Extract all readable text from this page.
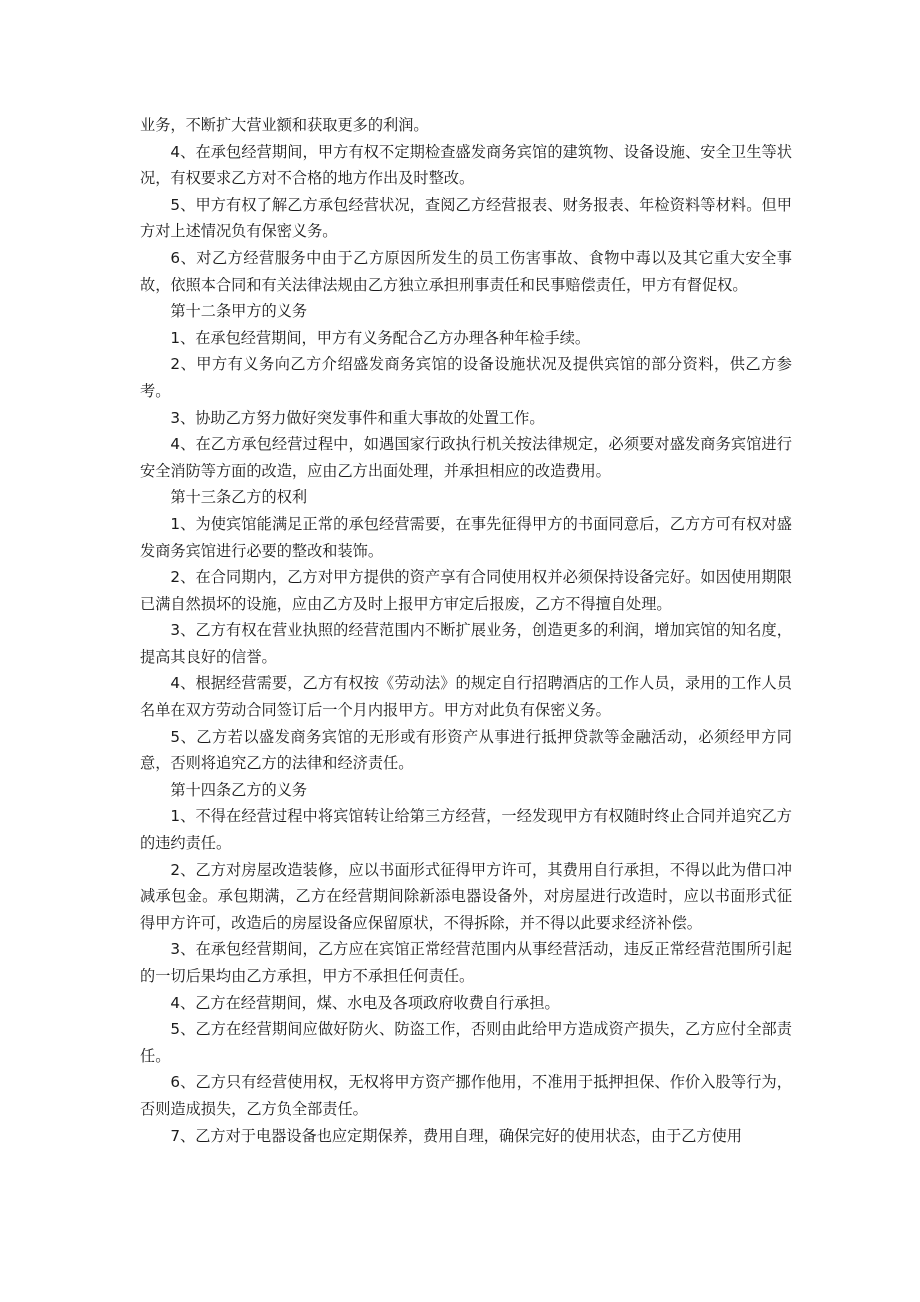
业务，不断扩大营业额和获取更多的利润。

4、在承包经营期间，甲方有权不定期检查盛发商务宾馆的建筑物、设备设施、安全卫生等状况，有权要求乙方对不合格的地方作出及时整改。

5、甲方有权了解乙方承包经营状况，查阅乙方经营报表、财务报表、年检资料等材料。但甲方对上述情况负有保密义务。

6、对乙方经营服务中由于乙方原因所发生的员工伤害事故、食物中毒以及其它重大安全事故，依照本合同和有关法律法规由乙方独立承担刑事责任和民事赔偿责任，甲方有督促权。

第十二条甲方的义务

1、在承包经营期间，甲方有义务配合乙方办理各种年检手续。

2、甲方有义务向乙方介绍盛发商务宾馆的设备设施状况及提供宾馆的部分资料，供乙方参考。

3、协助乙方努力做好突发事件和重大事故的处置工作。

4、在乙方承包经营过程中，如遇国家行政执行机关按法律规定，必须要对盛发商务宾馆进行安全消防等方面的改造，应由乙方出面处理，并承担相应的改造费用。

第十三条乙方的权利

1、为使宾馆能满足正常的承包经营需要，在事先征得甲方的书面同意后，乙方方可有权对盛发商务宾馆进行必要的整改和装饰。

2、在合同期内，乙方对甲方提供的资产享有合同使用权并必须保持设备完好。如因使用期限已满自然损坏的设施，应由乙方及时上报甲方审定后报废，乙方不得擅自处理。

3、乙方有权在营业执照的经营范围内不断扩展业务，创造更多的利润，增加宾馆的知名度，提高其良好的信誉。

4、根据经营需要，乙方有权按《劳动法》的规定自行招聘酒店的工作人员，录用的工作人员名单在双方劳动合同签订后一个月内报甲方。甲方对此负有保密义务。

5、乙方若以盛发商务宾馆的无形或有形资产从事进行抵押贷款等金融活动，必须经甲方同意，否则将追究乙方的法律和经济责任。

第十四条乙方的义务

1、不得在经营过程中将宾馆转让给第三方经营，一经发现甲方有权随时终止合同并追究乙方的违约责任。

2、乙方对房屋改造装修，应以书面形式征得甲方许可，其费用自行承担，不得以此为借口冲减承包金。承包期满，乙方在经营期间除新添电器设备外，对房屋进行改造时，应以书面形式征得甲方许可，改造后的房屋设备应保留原状，不得拆除，并不得以此要求经济补偿。

3、在承包经营期间，乙方应在宾馆正常经营范围内从事经营活动，违反正常经营范围所引起的一切后果均由乙方承担，甲方不承担任何责任。

4、乙方在经营期间，煤、水电及各项政府收费自行承担。

5、乙方在经营期间应做好防火、防盗工作，否则由此给甲方造成资产损失，乙方应付全部责任。

6、乙方只有经营使用权，无权将甲方资产挪作他用，不准用于抵押担保、作价入股等行为，否则造成损失，乙方负全部责任。

7、乙方对于电器设备也应定期保养，费用自理，确保完好的使用状态，由于乙方使用
